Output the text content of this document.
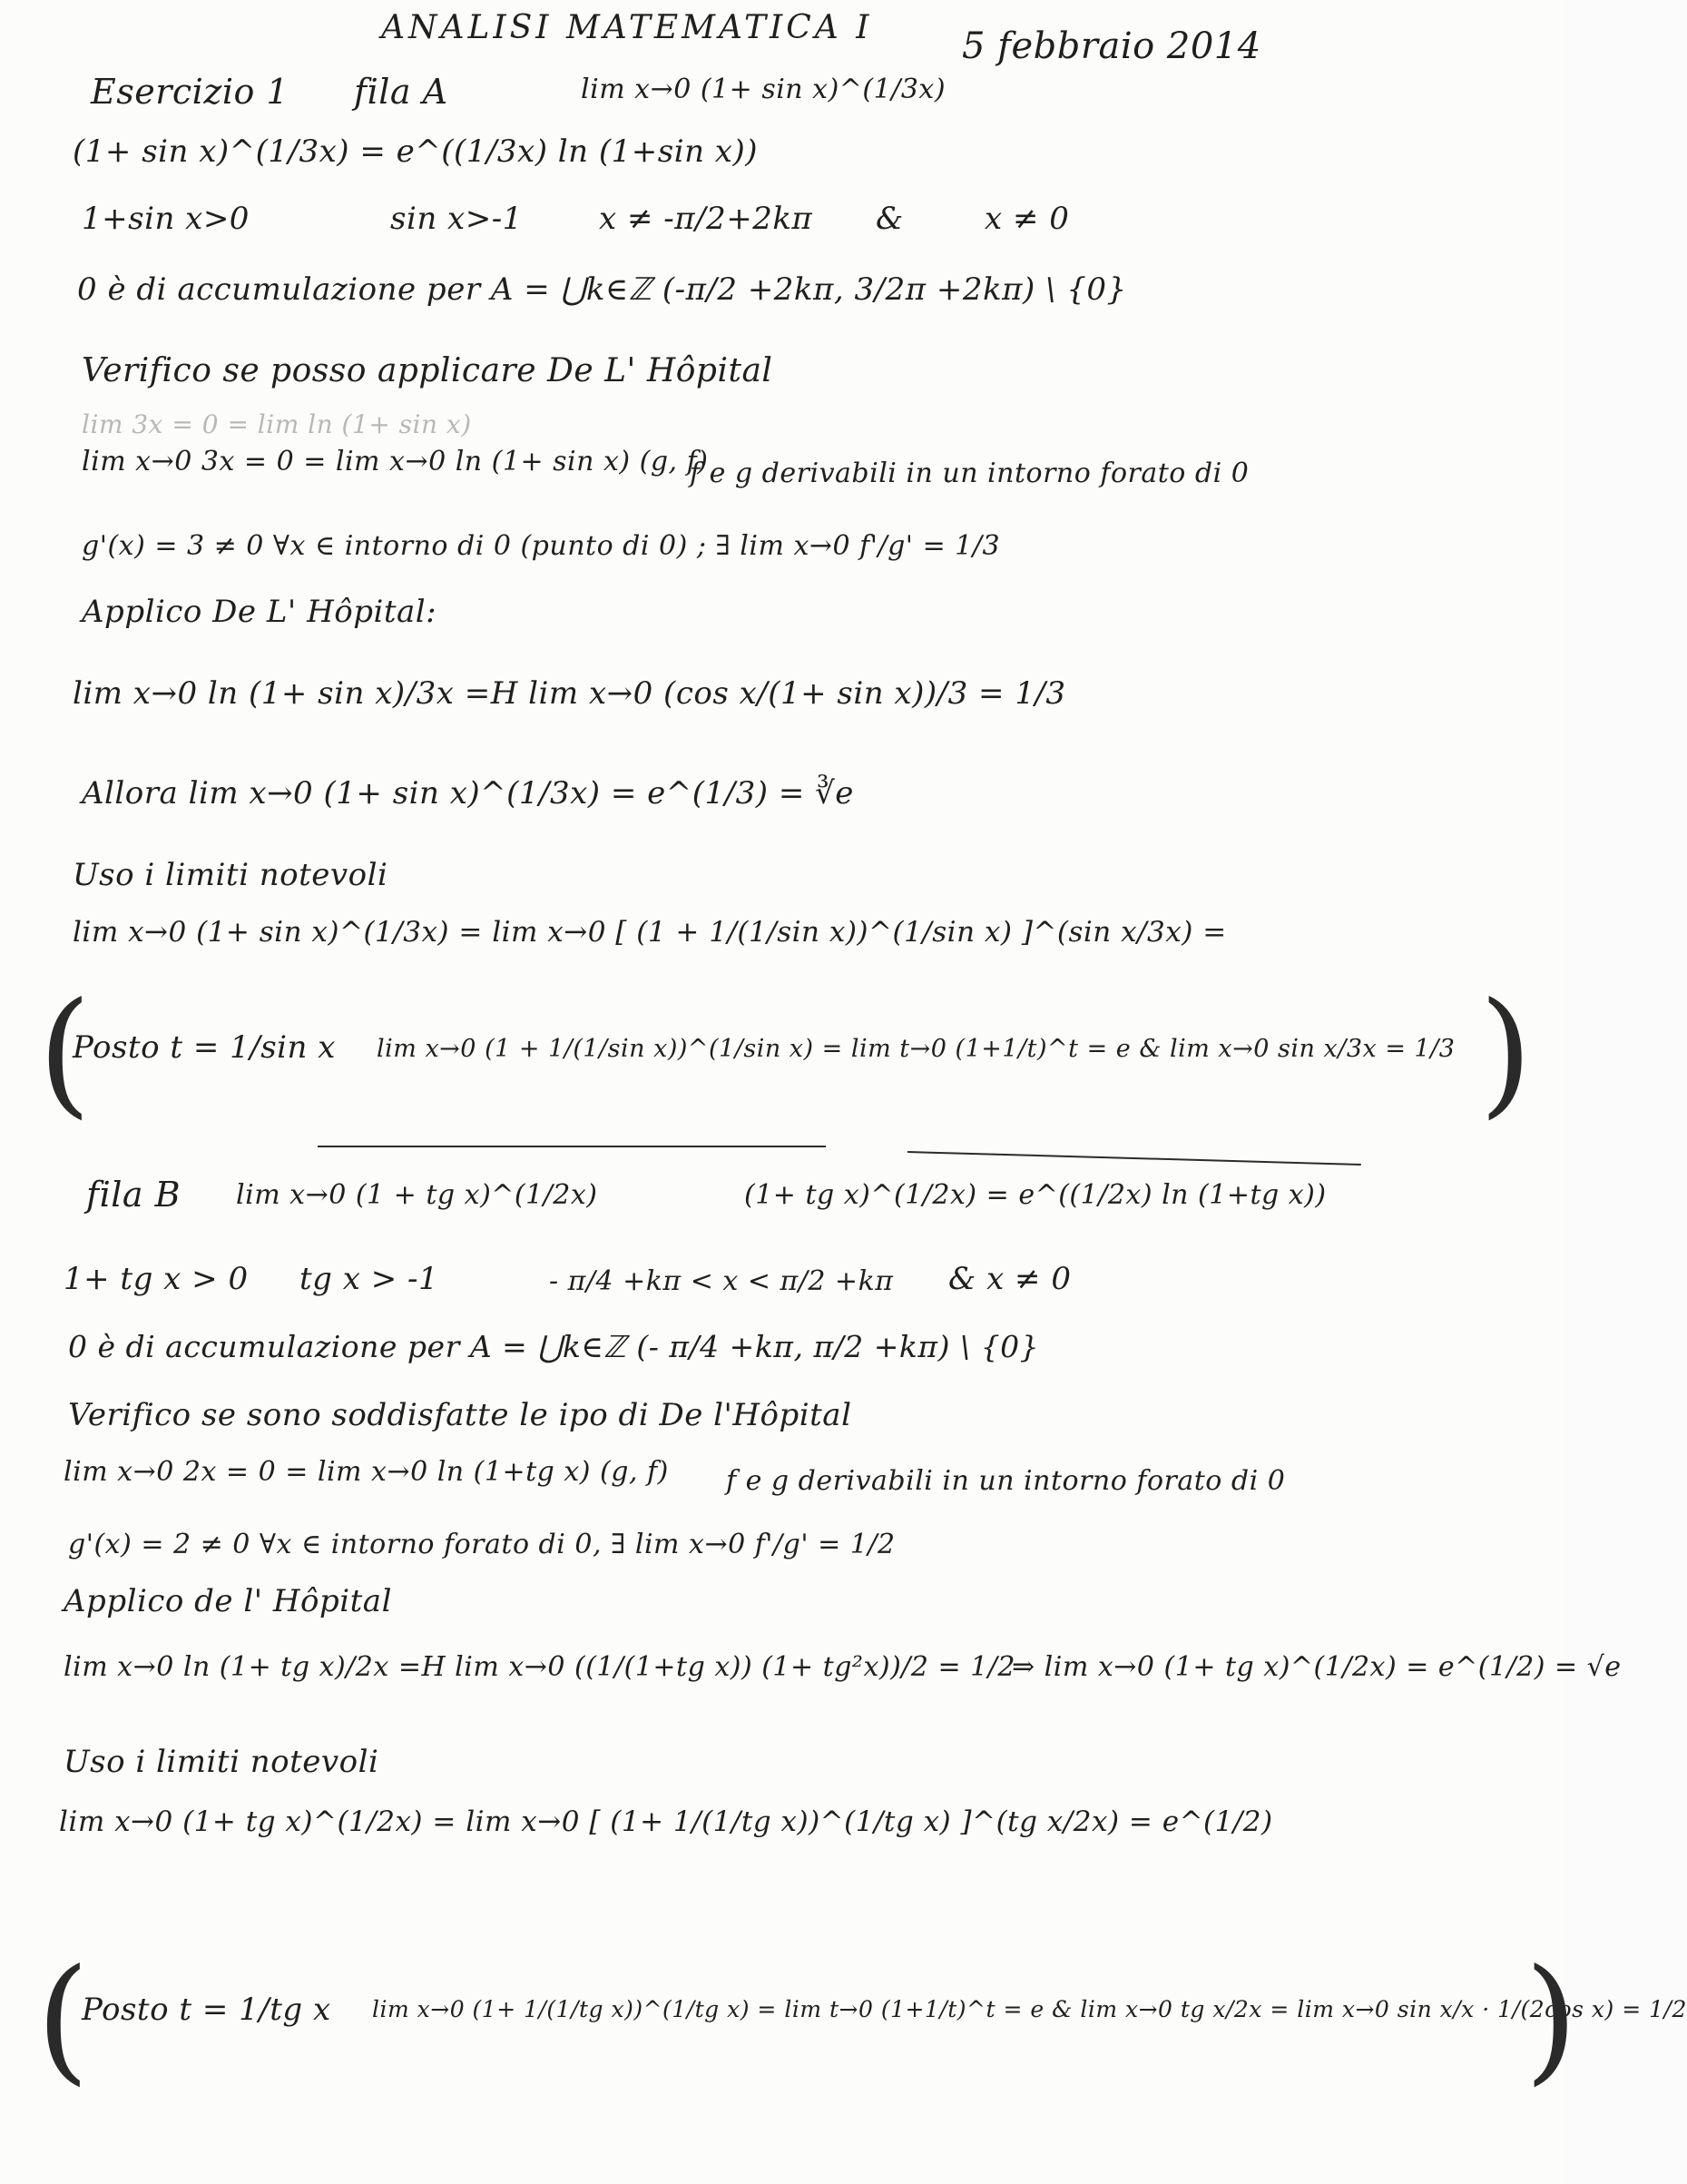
ANALISI MATEMATICA I 5 febbraio 2014
Esercizio 1 fila A	lim x→0 (1+ sin x)^(1/3x)
(1+ sin x)^(1/3x) = e^((1/3x) ln (1+sin x))
1+sin x>0	sin x>-1 x ≠ -π/2+2kπ &	x ≠ 0
0 è di accumulazione per A = ⋃k∈ℤ (-π/2 +2kπ, 3/2π +2kπ) \ {0}
Verifico se posso applicare De L' Hôpital
lim 3x = 0 = lim ln (1+ sin x)
lim x→0 3x = 0 = lim x→0 ln (1+ sin x) (g, f)
f e g derivabili in un intorno forato di 0
g'(x) = 3 ≠ 0 ∀x ∈ intorno di 0 (punto di 0) ; ∃ lim x→0 f'/g' = 1/3
Applico De L' Hôpital:
lim x→0 ln (1+ sin x)/3x =H lim x→0 (cos x/(1+ sin x))/3 = 1/3
Allora lim x→0 (1+ sin x)^(1/3x) = e^(1/3) = ∛e
Uso i limiti notevoli
lim x→0 (1+ sin x)^(1/3x) = lim x→0 [ (1 + 1/(1/sin x))^(1/sin x) ]^(sin x/3x) =
(
Posto t = 1/sin x lim x→0 (1 + 1/(1/sin x))^(1/sin x) = lim t→0 (1+1/t)^t = e & lim x→0 sin x/3x = 1/3 )
fila B lim x→0 (1 + tg x)^(1/2x)	(1+ tg x)^(1/2x) = e^((1/2x) ln (1+tg x))
1+ tg x > 0 tg x > -1	- π/4 +kπ < x < π/2 +kπ & x ≠ 0
0 è di accumulazione per A = ⋃k∈ℤ (- π/4 +kπ, π/2 +kπ) \ {0}
Verifico se sono soddisfatte le ipo di De l'Hôpital
lim x→0 2x = 0 = lim x→0 ln (1+tg x) (g, f) f e g derivabili in un intorno forato di 0
g'(x) = 2 ≠ 0 ∀x ∈ intorno forato di 0, ∃ lim x→0 f'/g' = 1/2
Applico de l' Hôpital
lim x→0 ln (1+ tg x)/2x =H lim x→0 ((1/(1+tg x)) (1+ tg²x))/2 = 1/2
⇒ lim x→0 (1+ tg x)^(1/2x) = e^(1/2) = √e
Uso i limiti notevoli
lim x→0 (1+ tg x)^(1/2x) = lim x→0 [ (1+ 1/(1/tg x))^(1/tg x) ]^(tg x/2x) = e^(1/2)
(
Posto t = 1/tg x lim x→0 (1+ 1/(1/tg x))^(1/tg x) = lim t→0 (1+1/t)^t = e & lim x→0 tg x/2x = lim x→0 sin x/x · 1/(2cos x) = 1/2
)
